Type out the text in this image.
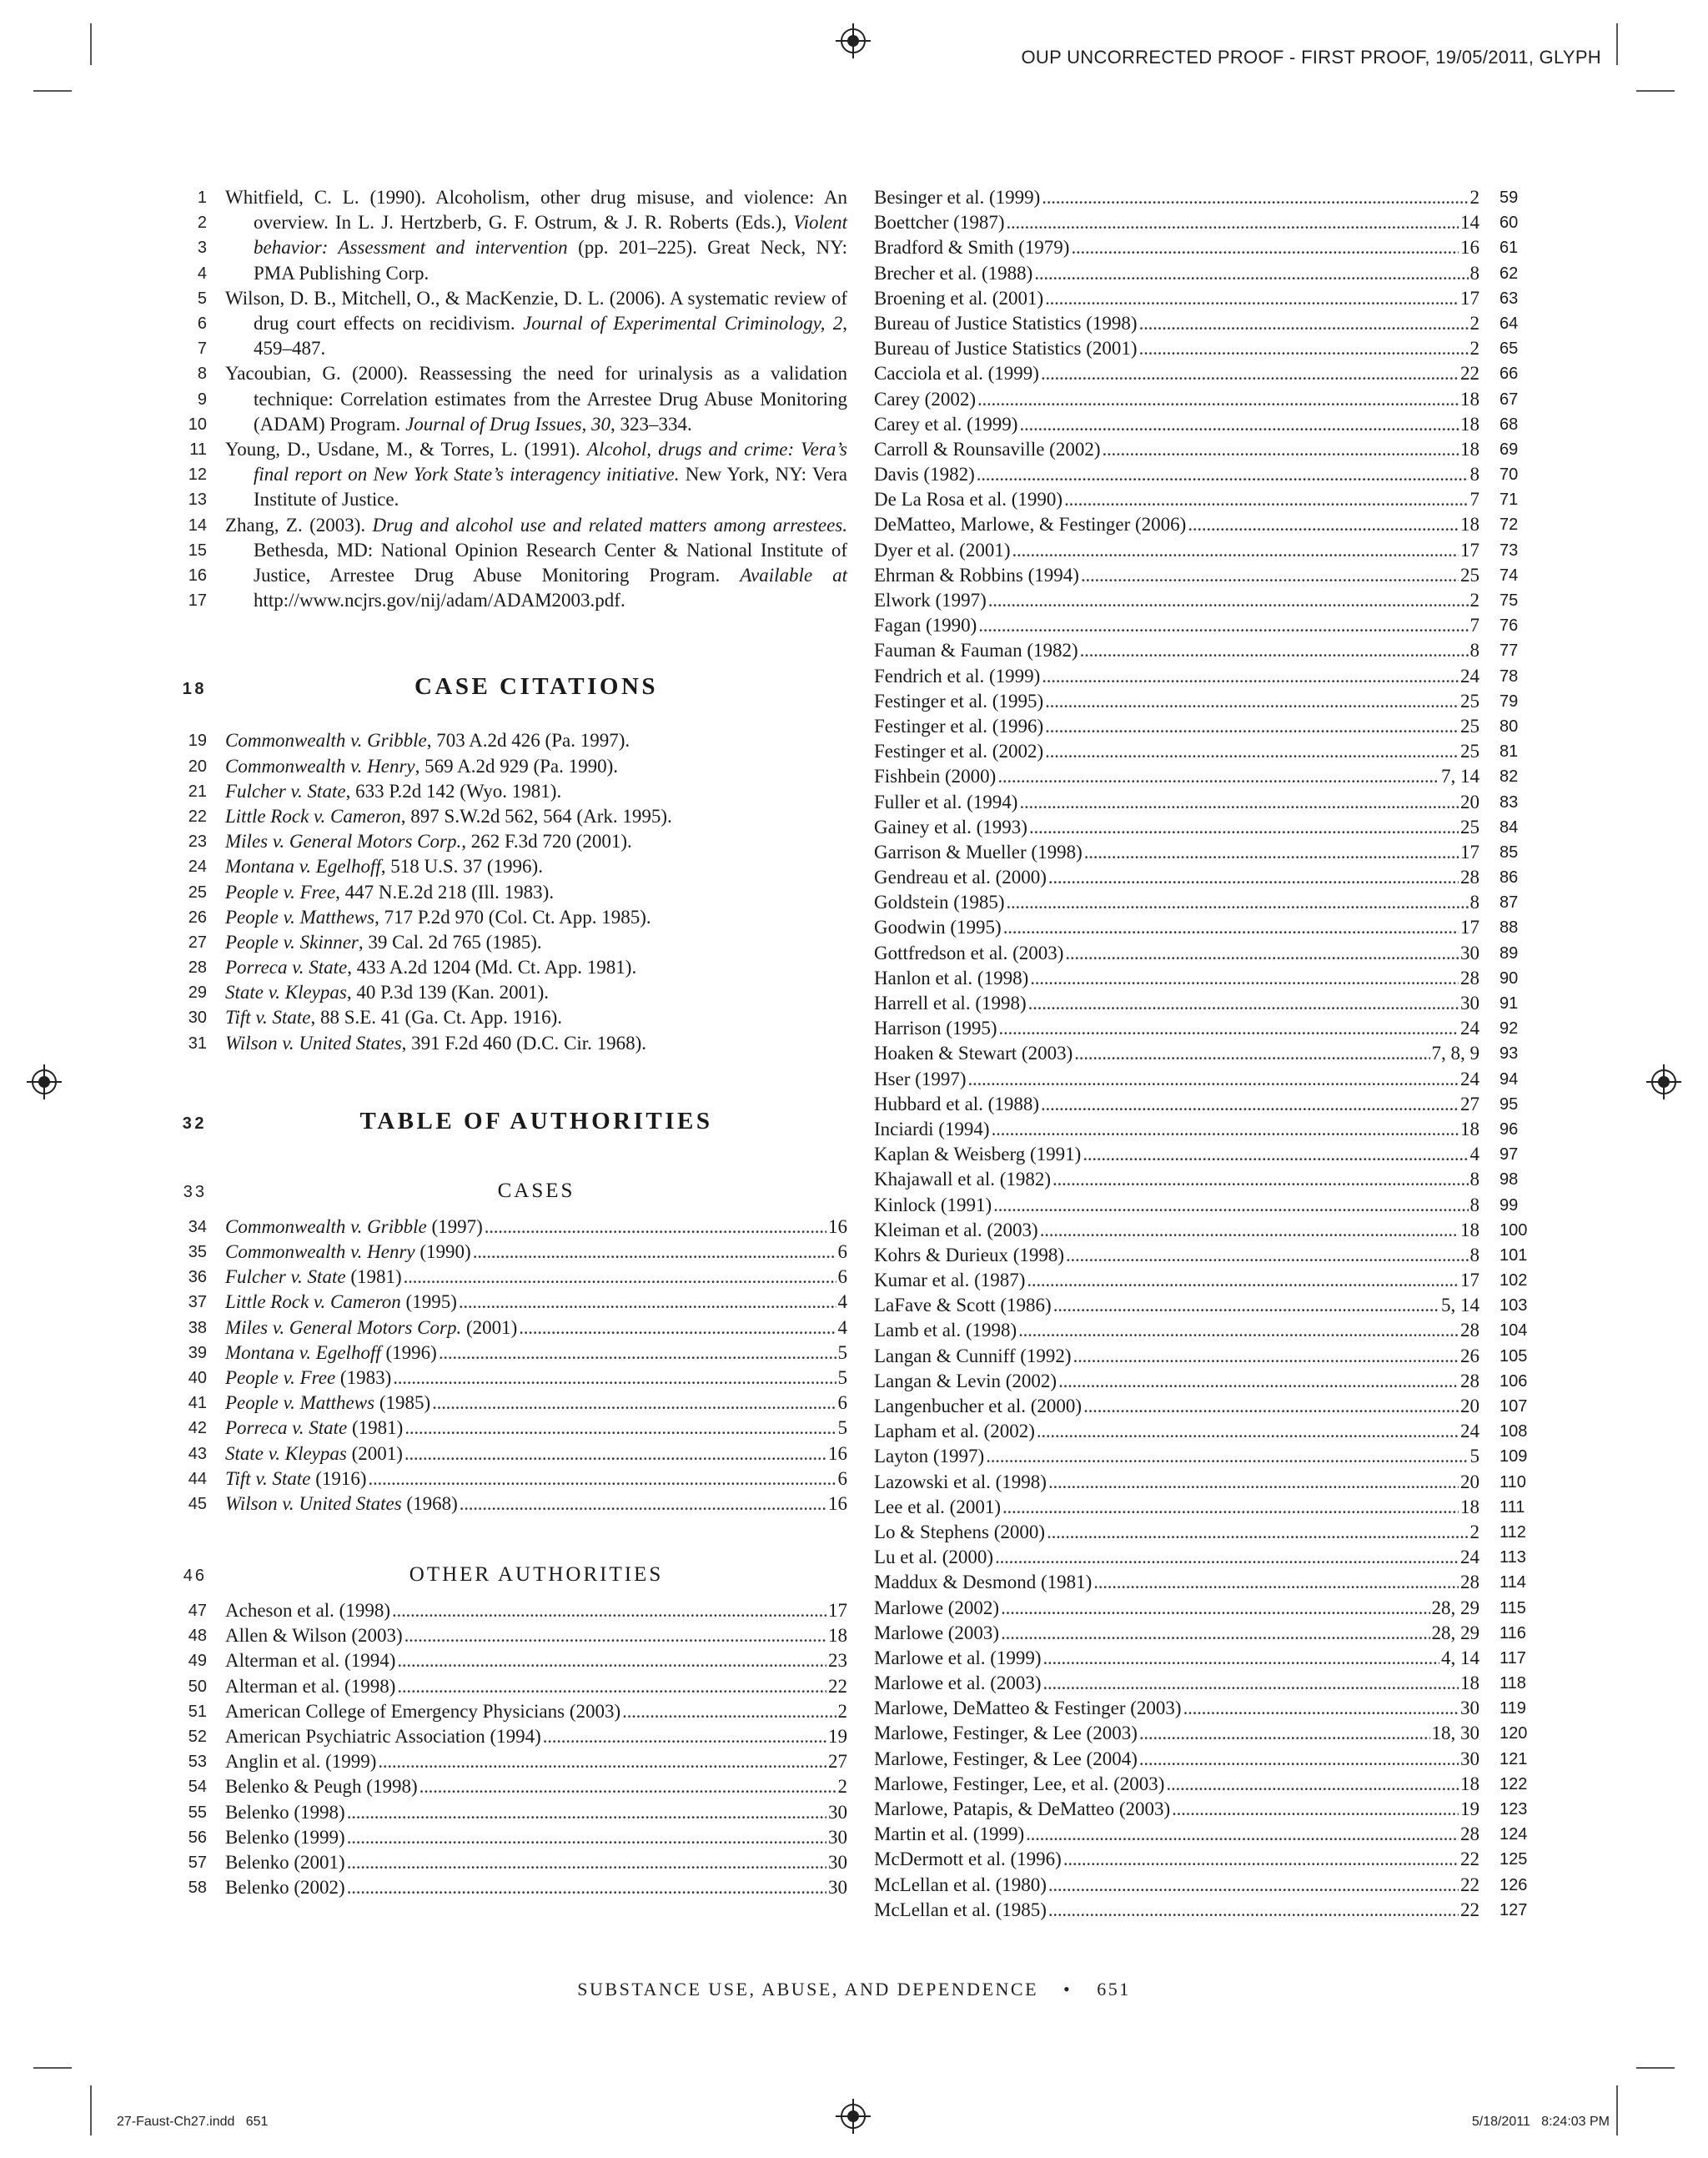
OUP UNCORRECTED PROOF - FIRST PROOF, 19/05/2011, GLYPH
1
2
3
4
Whitfield, C. L. (1990). Alcoholism, other drug misuse, and violence: An overview. In L. J. Hertzberb, G. F. Ostrum, & J. R. Roberts (Eds.), Violent behavior: Assessment and intervention (pp. 201–225). Great Neck, NY: PMA Publishing Corp.
5
6
7
Wilson, D. B., Mitchell, O., & MacKenzie, D. L. (2006). A systematic review of drug court effects on recidivism. Journal of Experimental Criminology, 2, 459–487.
8
9
10
Yacoubian, G. (2000). Reassessing the need for urinalysis as a validation technique: Correlation estimates from the Arrestee Drug Abuse Monitoring (ADAM) Program. Journal of Drug Issues, 30, 323–334.
11
12
13
Young, D., Usdane, M., & Torres, L. (1991). Alcohol, drugs and crime: Vera’s final report on New York State’s interagency initiative. New York, NY: Vera Institute of Justice.
14
15
16
17
Zhang, Z. (2003). Drug and alcohol use and related matters among arrestees. Bethesda, MD: National Opinion Research Center & National Institute of Justice, Arrestee Drug Abuse Monitoring Program. Available at http://www.ncjrs.gov/nij/adam/ADAM2003.pdf.
18	CASE CITATIONS
19 Commonwealth v. Gribble, 703 A.2d 426 (Pa. 1997).
20 Commonwealth v. Henry, 569 A.2d 929 (Pa. 1990).
21 Fulcher v. State, 633 P.2d 142 (Wyo. 1981).
22 Little Rock v. Cameron, 897 S.W.2d 562, 564 (Ark. 1995).
23 Miles v. General Motors Corp., 262 F.3d 720 (2001).
24 Montana v. Egelhoff, 518 U.S. 37 (1996).
25 People v. Free, 447 N.E.2d 218 (Ill. 1983).
26 People v. Matthews, 717 P.2d 970 (Col. Ct. App. 1985).
27 People v. Skinner, 39 Cal. 2d 765 (1985).
28 Porreca v. State, 433 A.2d 1204 (Md. Ct. App. 1981).
29 State v. Kleypas, 40 P.3d 139 (Kan. 2001).
30 Tift v. State, 88 S.E. 41 (Ga. Ct. App. 1916).
31 Wilson v. United States, 391 F.2d 460 (D.C. Cir. 1968).
32	TABLE OF AUTHORITIES
33	CASES
34 Commonwealth v. Gribble (1997) . . .	16
35 Commonwealth v. Henry (1990) . . .	6
36 Fulcher v. State (1981) . . .	6
37 Little Rock v. Cameron (1995) . . .	4
38 Miles v. General Motors Corp. (2001) . . .	4
39 Montana v. Egelhoff (1996) . . .	5
40 People v. Free (1983) . . .	5
41 People v. Matthews (1985) . . .	6
42 Porreca v. State (1981) . . .	5
43 State v. Kleypas (2001) . . .	16
44 Tift v. State (1916) . . .	6
45 Wilson v. United States (1968) . . .	16
46	OTHER AUTHORITIES
47 Acheson et al. (1998) . . .	17
48 Allen & Wilson (2003) . . .	18
49 Alterman et al. (1994) . . .	23
50 Alterman et al. (1998) . . .	22
51 American College of Emergency Physicians (2003) . . .	2
52 American Psychiatric Association (1994) . . .	19
53 Anglin et al. (1999) . . .	27
54 Belenko & Peugh (1998) . . .	2
55 Belenko (1998) . . .	30
56 Belenko (1999) . . .	30
57 Belenko (2001) . . .	30
58 Belenko (2002) . . .	30
Besinger et al. (1999) . . .	2 59
Boettcher (1987) . . .	14 60
Bradford & Smith (1979) . . .	16 61
Brecher et al. (1988) . . .	8 62
Broening et al. (2001) . . .	17 63
Bureau of Justice Statistics (1998) . . .	2 64
Bureau of Justice Statistics (2001) . . .	2 65
Cacciola et al. (1999) . . .	22 66
Carey (2002) . . .	18 67
Carey et al. (1999) . . .	18 68
Carroll & Rounsaville (2002) . . .	18 69
Davis (1982) . . .	8 70
De La Rosa et al. (1990) . . .	7 71
DeMatteo, Marlowe, & Festinger (2006) . . .	18 72
Dyer et al. (2001) . . .	17 73
Ehrman & Robbins (1994) . . .	25 74
Elwork (1997) . . .	2 75
Fagan (1990) . . .	7 76
Fauman & Fauman (1982) . . .	8 77
Fendrich et al. (1999) . . .	24 78
Festinger et al. (1995) . . .	25 79
Festinger et al. (1996) . . .	25 80
Festinger et al. (2002) . . .	25 81
Fishbein (2000) . . .	7, 14 82
Fuller et al. (1994) . . .	20 83
Gainey et al. (1993) . . .	25 84
Garrison & Mueller (1998) . . .	17 85
Gendreau et al. (2000) . . .	28 86
Goldstein (1985) . . .	8 87
Goodwin (1995) . . .	17 88
Gottfredson et al. (2003) . . .	30 89
Hanlon et al. (1998) . . .	28 90
Harrell et al. (1998) . . .	30 91
Harrison (1995) . . .	24 92
Hoaken & Stewart (2003) . . .	7, 8, 9 93
Hser (1997) . . .	24 94
Hubbard et al. (1988) . . .	27 95
Inciardi (1994) . . .	18 96
Kaplan & Weisberg (1991) . . .	4 97
Khajawall et al. (1982) . . .	8 98
Kinlock (1991) . . .	8 99
Kleiman et al. (2003) . . .	18 100
Kohrs & Durieux (1998) . . .	8 101
Kumar et al. (1987) . . .	17 102
LaFave & Scott (1986) . . .	5, 14 103
Lamb et al. (1998) . . .	28 104
Langan & Cunniff (1992) . . .	26 105
Langan & Levin (2002) . . .	28 106
Langenbucher et al. (2000) . . .	20 107
Lapham et al. (2002) . . .	24 108
Layton (1997) . . .	5 109
Lazowski et al. (1998) . . .	20 110
Lee et al. (2001) . . .	18 111
Lo & Stephens (2000) . . .	2 112
Lu et al. (2000) . . .	24 113
Maddux & Desmond (1981) . . .	28 114
Marlowe (2002) . . .	28, 29 115
Marlowe (2003) . . .	28, 29 116
Marlowe et al. (1999) . . .	4, 14 117
Marlowe et al. (2003) . . .	18 118
Marlowe, DeMatteo & Festinger (2003) . . .	30 119
Marlowe, Festinger, & Lee (2003) . . .	18, 30 120
Marlowe, Festinger, & Lee (2004) . . .	30 121
Marlowe, Festinger, Lee, et al. (2003) . . .	18 122
Marlowe, Patapis, & DeMatteo (2003) . . .	19 123
Martin et al. (1999) . . .	28 124
McDermott et al. (1996) . . .	22 125
McLellan et al. (1980) . . .	22 126
McLellan et al. (1985) . . .	22 127
SUBSTANCE USE, ABUSE, AND DEPENDENCE • 651
27-Faust-Ch27.indd   651	5/18/2011   8:24:03 PM
